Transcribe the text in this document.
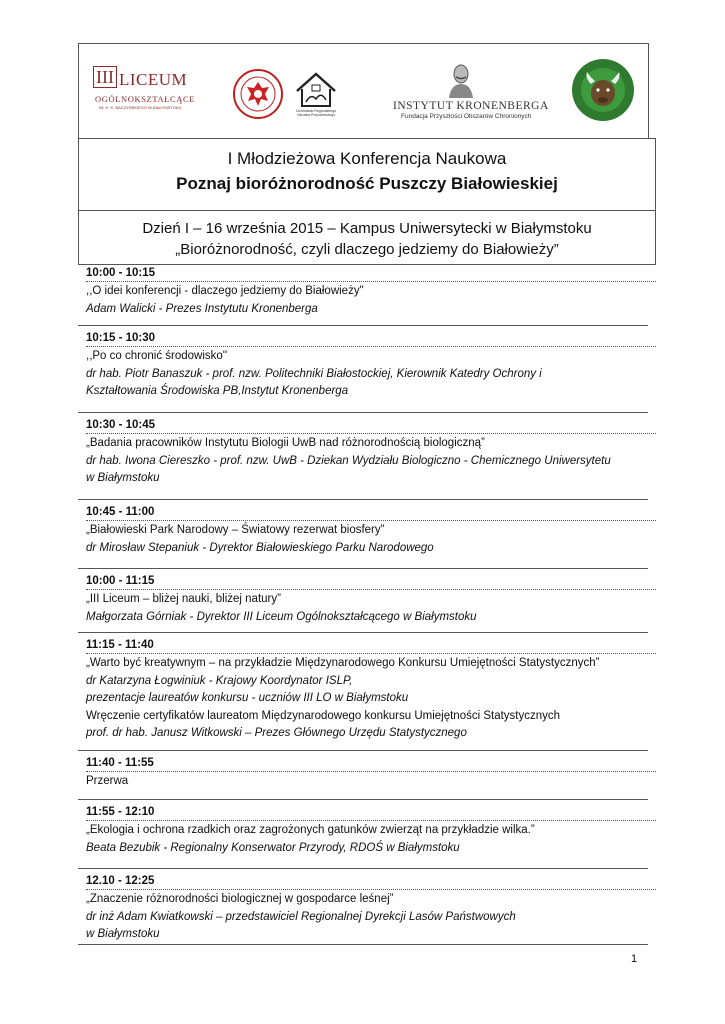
III LICEUM
OGÓLNOKSZTAŁCĄCE
IM. K. K. BACZYŃSKIEGO W BIAŁYMSTOKU
Uczniowski Regionalnego Ośrodka Przyrodniczego
INSTYTUT KRONENBERGA
Fundacja Przyszłości Obszarów Chronionych
I Młodzieżowa Konferencja Naukowa
Poznaj bioróżnorodność Puszczy Białowieskiej
Dzień I – 16 września 2015 – Kampus Uniwersytecki w Białymstoku
„Bioróżnorodność, czyli dlaczego jedziemy do Białowieży”
10:00 - 10:15
,,O idei konferencji - dlaczego jedziemy do Białowieży"
Adam Walicki - Prezes Instytutu Kronenberga
10:15 - 10:30
,,Po co chronić środowisko''
dr hab. Piotr Banaszuk - prof. nzw. Politechniki Białostockiej, Kierownik Katedry Ochrony i
Kształtowania Środowiska PB,Instytut Kronenberga
10:30 - 10:45
„Badania pracowników Instytutu Biologii UwB nad różnorodnością biologiczną”
dr hab. Iwona Ciereszko - prof. nzw. UwB - Dziekan Wydziału Biologiczno - Chemicznego Uniwersytetu
w Białymstoku
10:45 - 11:00
„Białowieski Park Narodowy – Światowy rezerwat biosfery”
dr Mirosław Stepaniuk - Dyrektor Białowieskiego Parku Narodowego
10:00 - 11:15
„III Liceum – bliżej nauki, bliżej natury”
Małgorzata Górniak - Dyrektor III Liceum Ogólnokształcącego w Białymstoku
11:15 - 11:40
„Warto być kreatywnym – na przykładzie Międzynarodowego Konkursu Umiejętności Statystycznych”
dr Katarzyna Łogwiniuk - Krajowy Koordynator ISLP,
prezentacje laureatów konkursu - uczniów III LO w Białymstoku
Wręczenie certyfikatów laureatom Międzynarodowego konkursu Umiejętności Statystycznych
prof. dr hab. Janusz Witkowski – Prezes Głównego Urzędu Statystycznego
11:40 - 11:55
Przerwa
11:55 - 12:10
„Ekologia i ochrona rzadkich oraz zagrożonych gatunków zwierząt na przykładzie wilka.”
Beata Bezubik - Regionalny Konserwator Przyrody, RDOŚ w Białymstoku
12.10 - 12:25
„Znaczenie różnorodności biologicznej w gospodarce leśnej”
dr inż Adam Kwiatkowski – przedstawiciel Regionalnej Dyrekcji Lasów Państwowych
w Białymstoku
1
